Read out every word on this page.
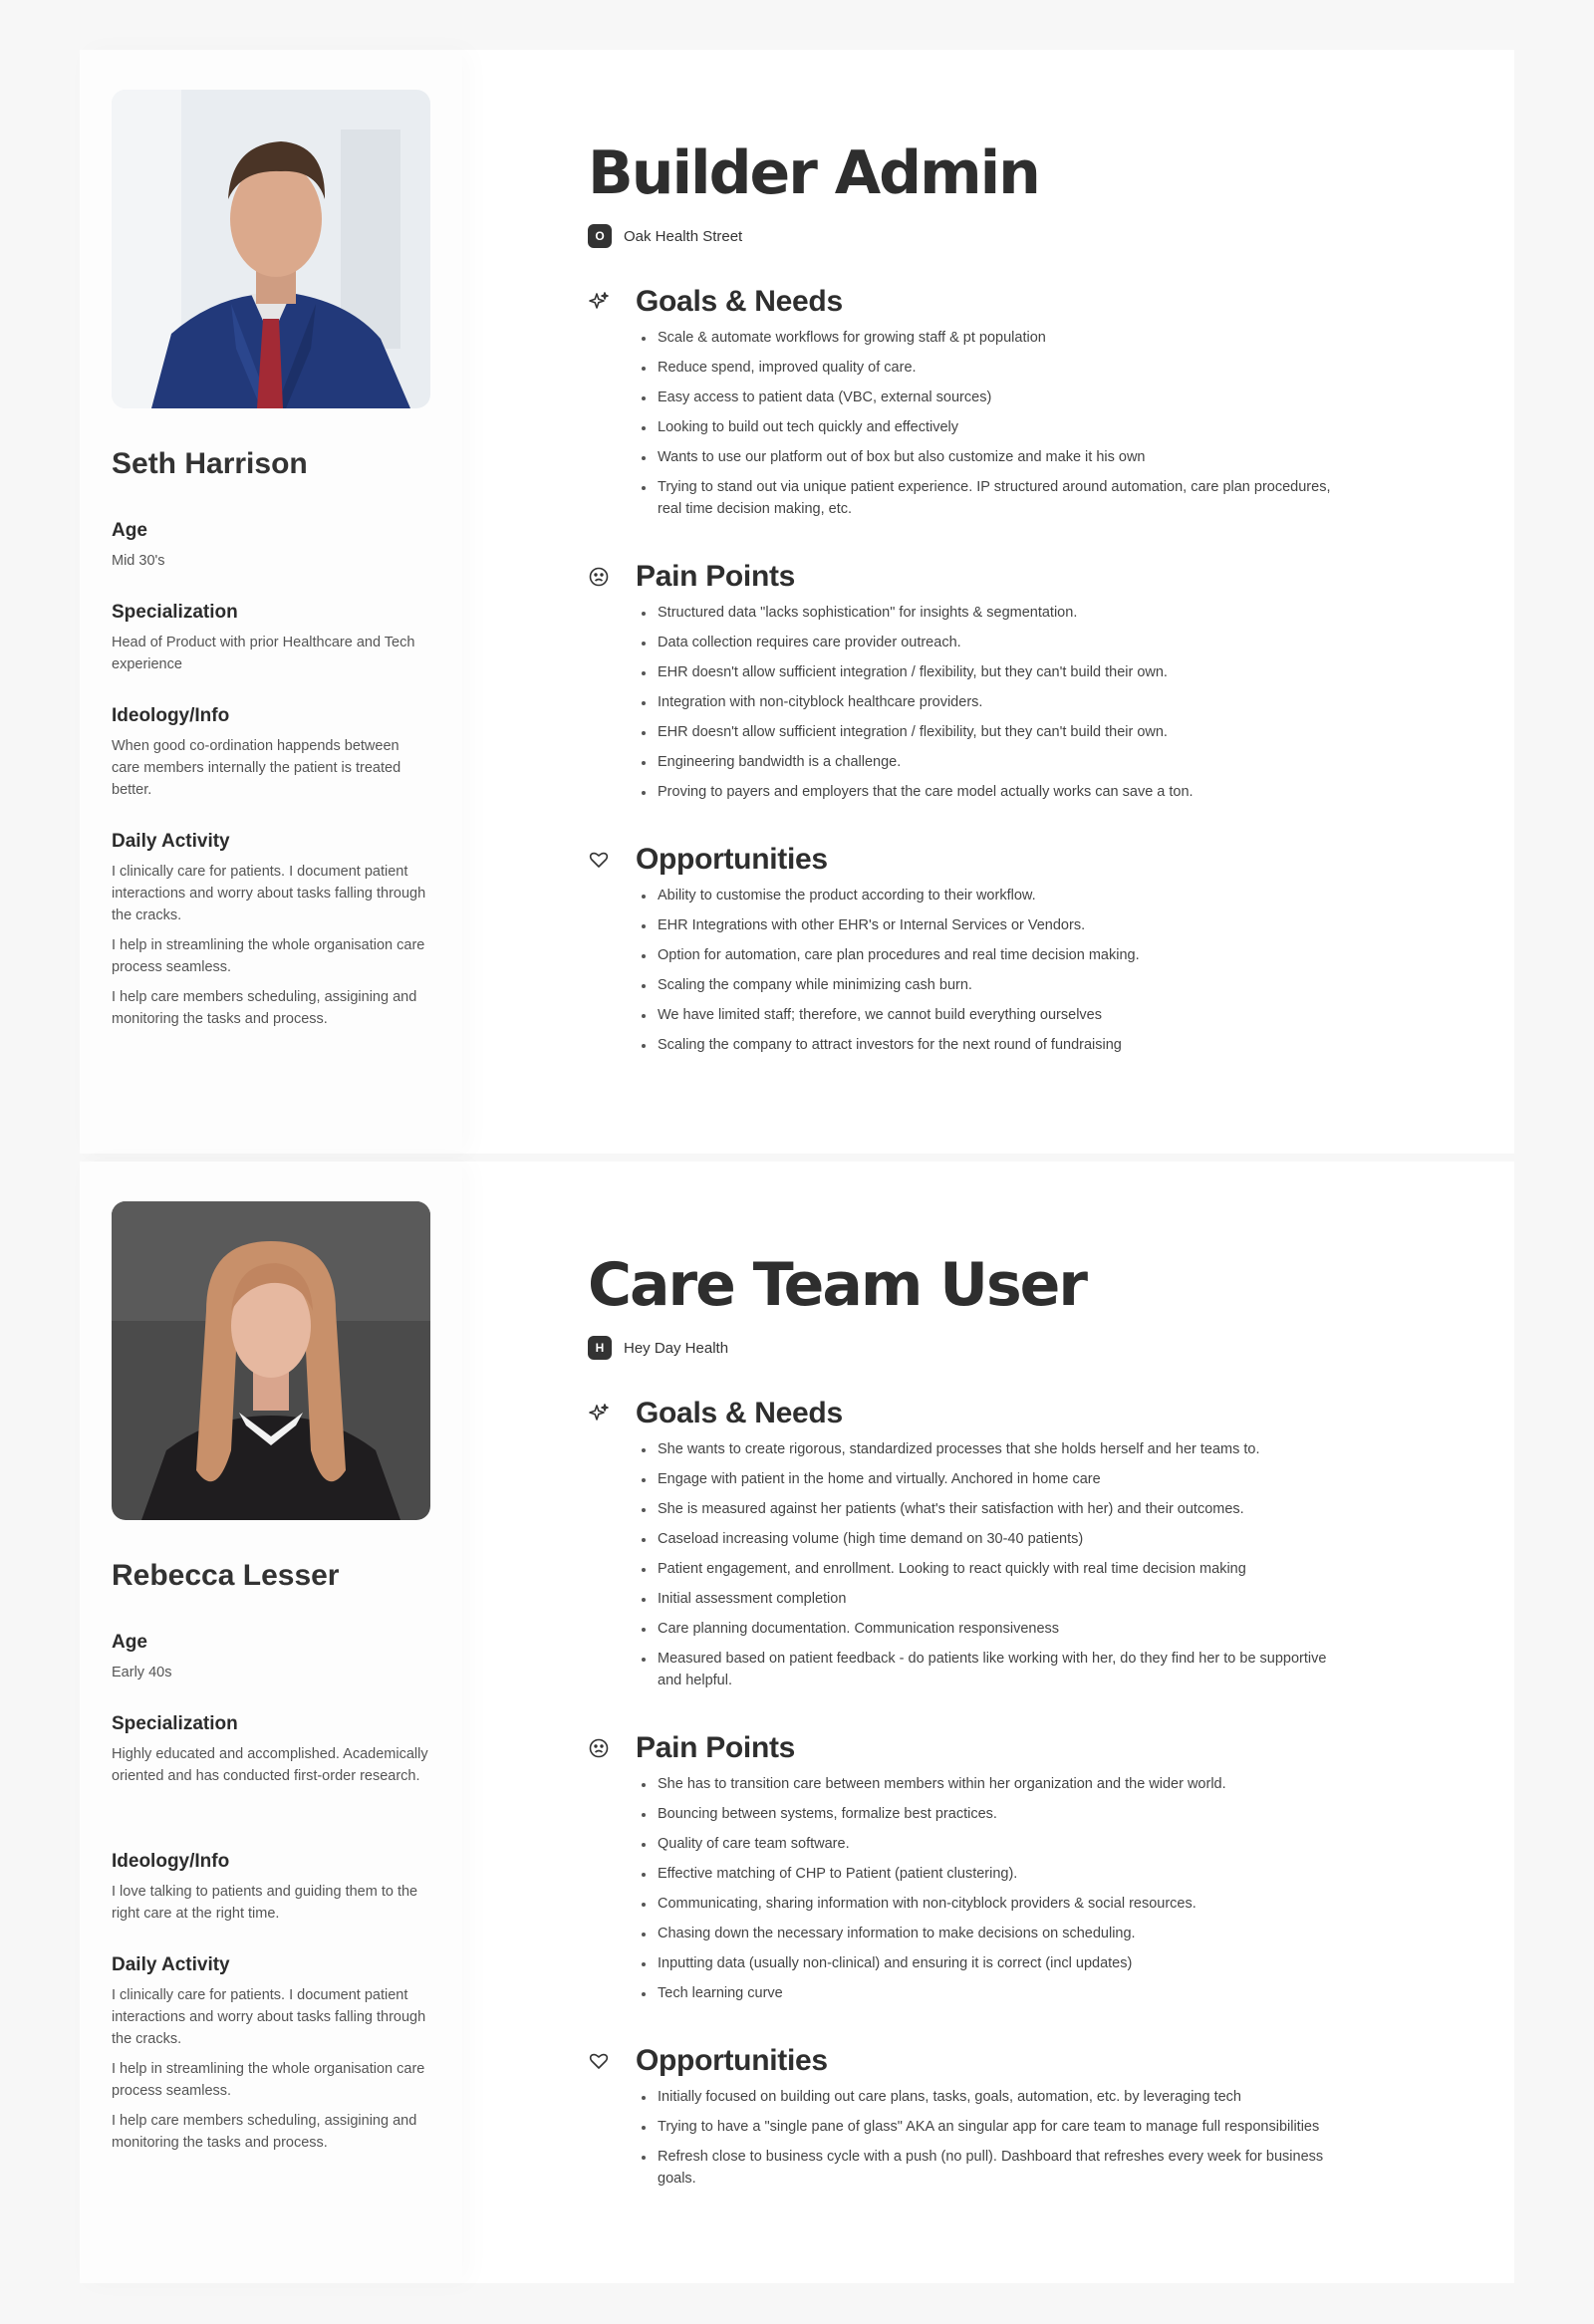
Seth Harrison
Age
Mid 30's
Specialization
Head of Product with prior Healthcare and Tech experience
Ideology/Info
When good co-ordination happends between care members internally the patient is treated better.
Daily Activity
I clinically care for patients. I document patient interactions and worry about tasks falling through the cracks.
I help in streamlining the whole organisation care process seamless.
I help care members scheduling, assigining and monitoring the tasks and process.
Builder Admin
O	Oak Health Street
Goals & Needs
Scale & automate workflows for growing staff & pt population
Reduce spend, improved quality of care.
Easy access to patient data (VBC, external sources)
Looking to build out tech quickly and effectively
Wants to use our platform out of box but also customize and make it his own
Trying to stand out via unique patient experience. IP structured around automation, care plan procedures, real time decision making, etc.
Pain Points
Structured data "lacks sophistication" for insights & segmentation.
Data collection requires care provider outreach.
EHR doesn't allow sufficient integration / flexibility, but they can't build their own.
Integration with non-cityblock healthcare providers.
EHR doesn't allow sufficient integration / flexibility, but they can't build their own.
Engineering bandwidth is a challenge.
Proving to payers and employers that the care model actually works can save a ton.
Opportunities
Ability to customise the product according to their workflow.
EHR Integrations with other EHR's or Internal Services or Vendors.
Option for automation, care plan procedures and real time decision making.
Scaling the company while minimizing cash burn.
We have limited staff; therefore, we cannot build everything ourselves
Scaling the company to attract investors for the next round of fundraising
Rebecca Lesser
Age
Early 40s
Specialization
Highly educated and accomplished. Academically oriented and has conducted first-order research.
Ideology/Info
I love talking to patients and guiding them to the right care at the right time.
Daily Activity
I clinically care for patients. I document patient interactions and worry about tasks falling through the cracks.
I help in streamlining the whole organisation care process seamless.
I help care members scheduling, assigining and monitoring the tasks and process.
Care Team User
H	Hey Day Health
Goals & Needs
She wants to create rigorous, standardized processes that she holds herself and her teams to.
Engage with patient in the home and virtually. Anchored in home care
She is measured against her patients (what's their satisfaction with her) and their outcomes.
Caseload increasing volume (high time demand on 30-40 patients)
Patient engagement, and enrollment. Looking to react quickly with real time decision making
Initial assessment completion
Care planning documentation. Communication responsiveness
Measured based on patient feedback - do patients like working with her, do they find her to be supportive and helpful.
Pain Points
She has to transition care between members within her organization and the wider world.
Bouncing between systems, formalize best practices.
Quality of care team software.
Effective matching of CHP to Patient (patient clustering).
Communicating, sharing information with non-cityblock providers & social resources.
Chasing down the necessary information to make decisions on scheduling.
Inputting data (usually non-clinical) and ensuring it is correct (incl updates)
Tech learning curve
Opportunities
Initially focused on building out care plans, tasks, goals, automation, etc. by leveraging tech
Trying to have a "single pane of glass" AKA an singular app for care team to manage full responsibilities
Refresh close to business cycle with a push (no pull). Dashboard that refreshes every week for business goals.
